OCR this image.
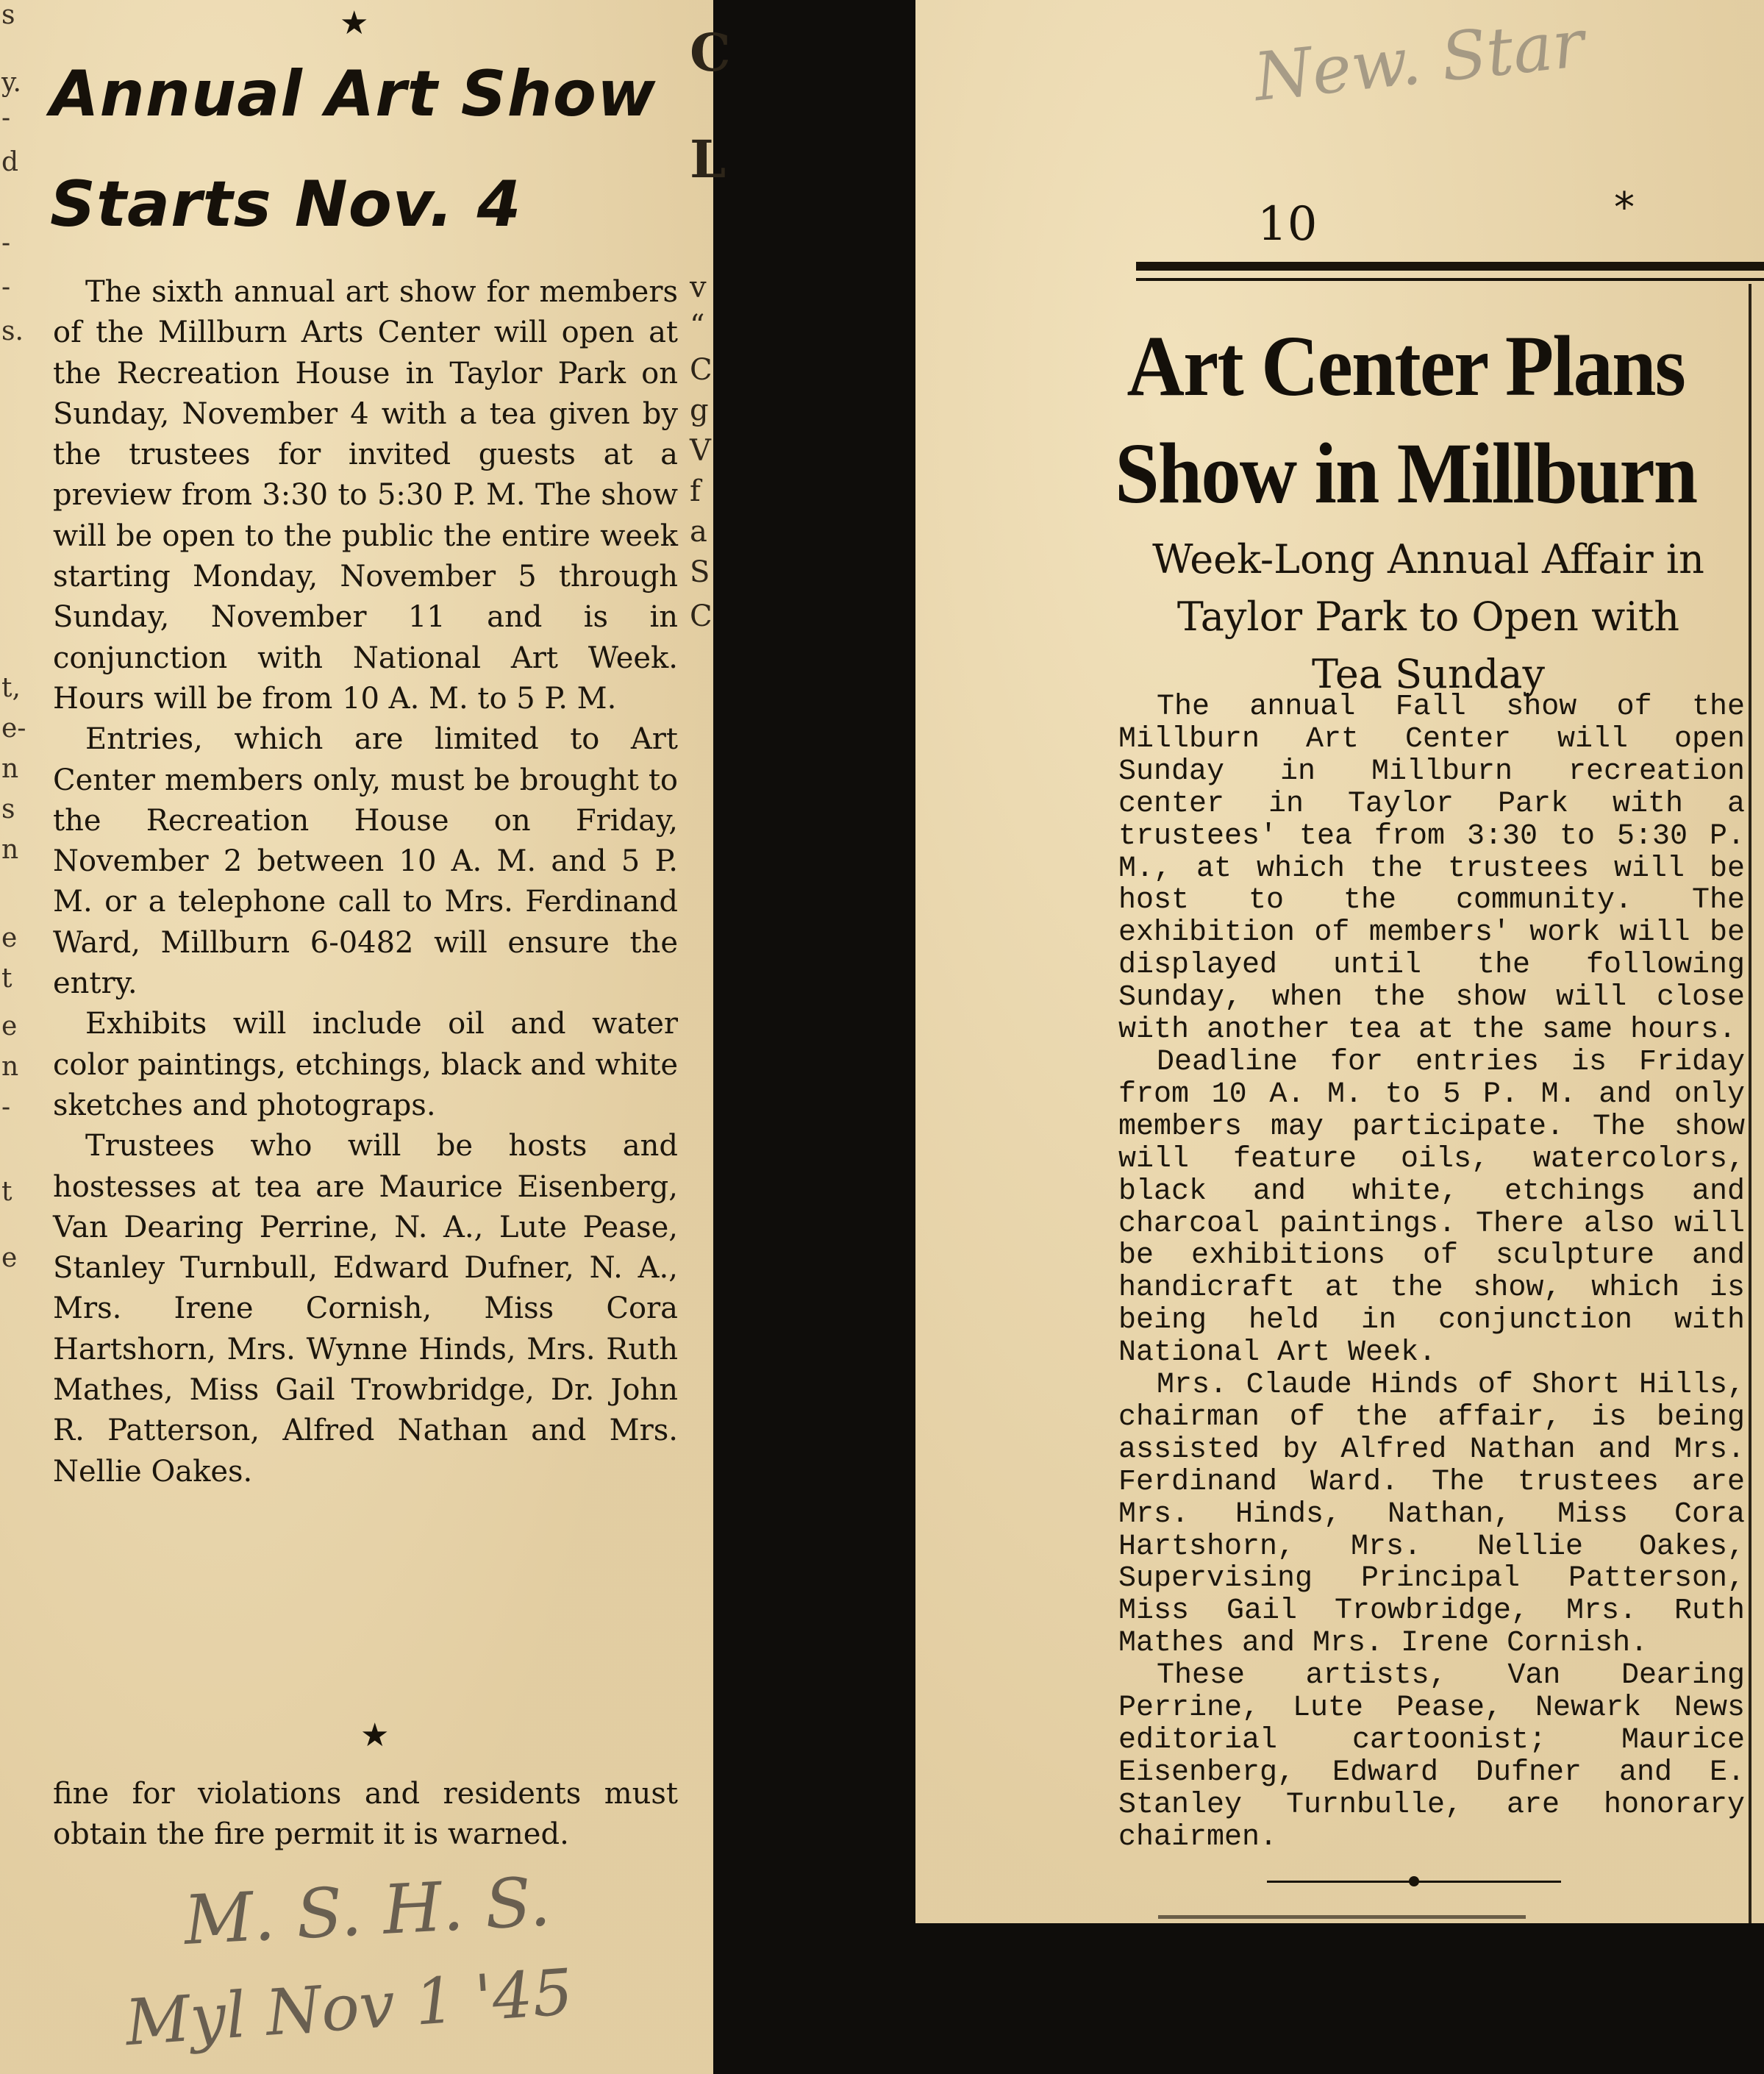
s
y.
-
d
-
-
s.
t,
e-
n
s
n
e
t
e
n
-
t
e
C
L
v
“
C
g
V
f
a
S
C
★
Annual Art Show
Starts Nov. 4

The sixth annual art show for members of the Millburn Arts Center will open at the Recreation House in Taylor Park on Sunday, November 4 with a tea given by the trustees for invited guests at a preview from 3:30 to 5:30 P. M. The show will be open to the public the entire week starting Monday, November 5 through Sunday, November 11 and is in conjunction with National Art Week. Hours will be from 10 A. M. to 5 P. M.

Entries, which are limited to Art Center members only, must be brought to the Recreation House on Friday, November 2 between 10 A. M. and 5 P. M. or a telephone call to Mrs. Ferdinand Ward, Millburn 6-0482 will ensure the entry.

Exhibits will include oil and water color paintings, etchings, black and white sketches and photograps.

Trustees who will be hosts and hostesses at tea are Maurice Eisenberg, Van Dearing Perrine, N. A., Lute Pease, Stanley Turnbull, Edward Dufner, N. A., Mrs. Irene Cornish, Miss Cora Hartshorn, Mrs. Wynne Hinds, Mrs. Ruth Mathes, Miss Gail Trowbridge, Dr. John R. Patterson, Alfred Nathan and Mrs. Nellie Oakes.

★

fine for violations and residents must obtain the fire permit it is warned.

M. S. H. S.
Myl Nov 1 '45
New. Star
10	*
Art Center Plans
Show in Millburn
Week-Long Annual Affair in
Taylor Park to Open with
Tea Sunday

The annual Fall show of the Millburn Art Center will open Sunday in Millburn recreation center in Taylor Park with a trustees' tea from 3:30 to 5:30 P. M., at which the trustees will be host to the community. The exhibition of members' work will be displayed until the following Sunday, when the show will close with another tea at the same hours.

Deadline for entries is Friday from 10 A. M. to 5 P. M. and only members may participate. The show will feature oils, watercolors, black and white, etchings and charcoal paintings. There also will be exhibitions of sculpture and handicraft at the show, which is being held in conjunction with National Art Week.

Mrs. Claude Hinds of Short Hills, chairman of the affair, is being assisted by Alfred Nathan and Mrs. Ferdinand Ward. The trustees are Mrs. Hinds, Nathan, Miss Cora Hartshorn, Mrs. Nellie Oakes, Supervising Principal Patterson, Miss Gail Trowbridge, Mrs. Ruth Mathes and Mrs. Irene Cornish.

These artists, Van Dearing Perrine, Lute Pease, Newark News editorial cartoonist; Maurice Eisenberg, Edward Dufner and E. Stanley Turnbulle, are honorary chairmen.
